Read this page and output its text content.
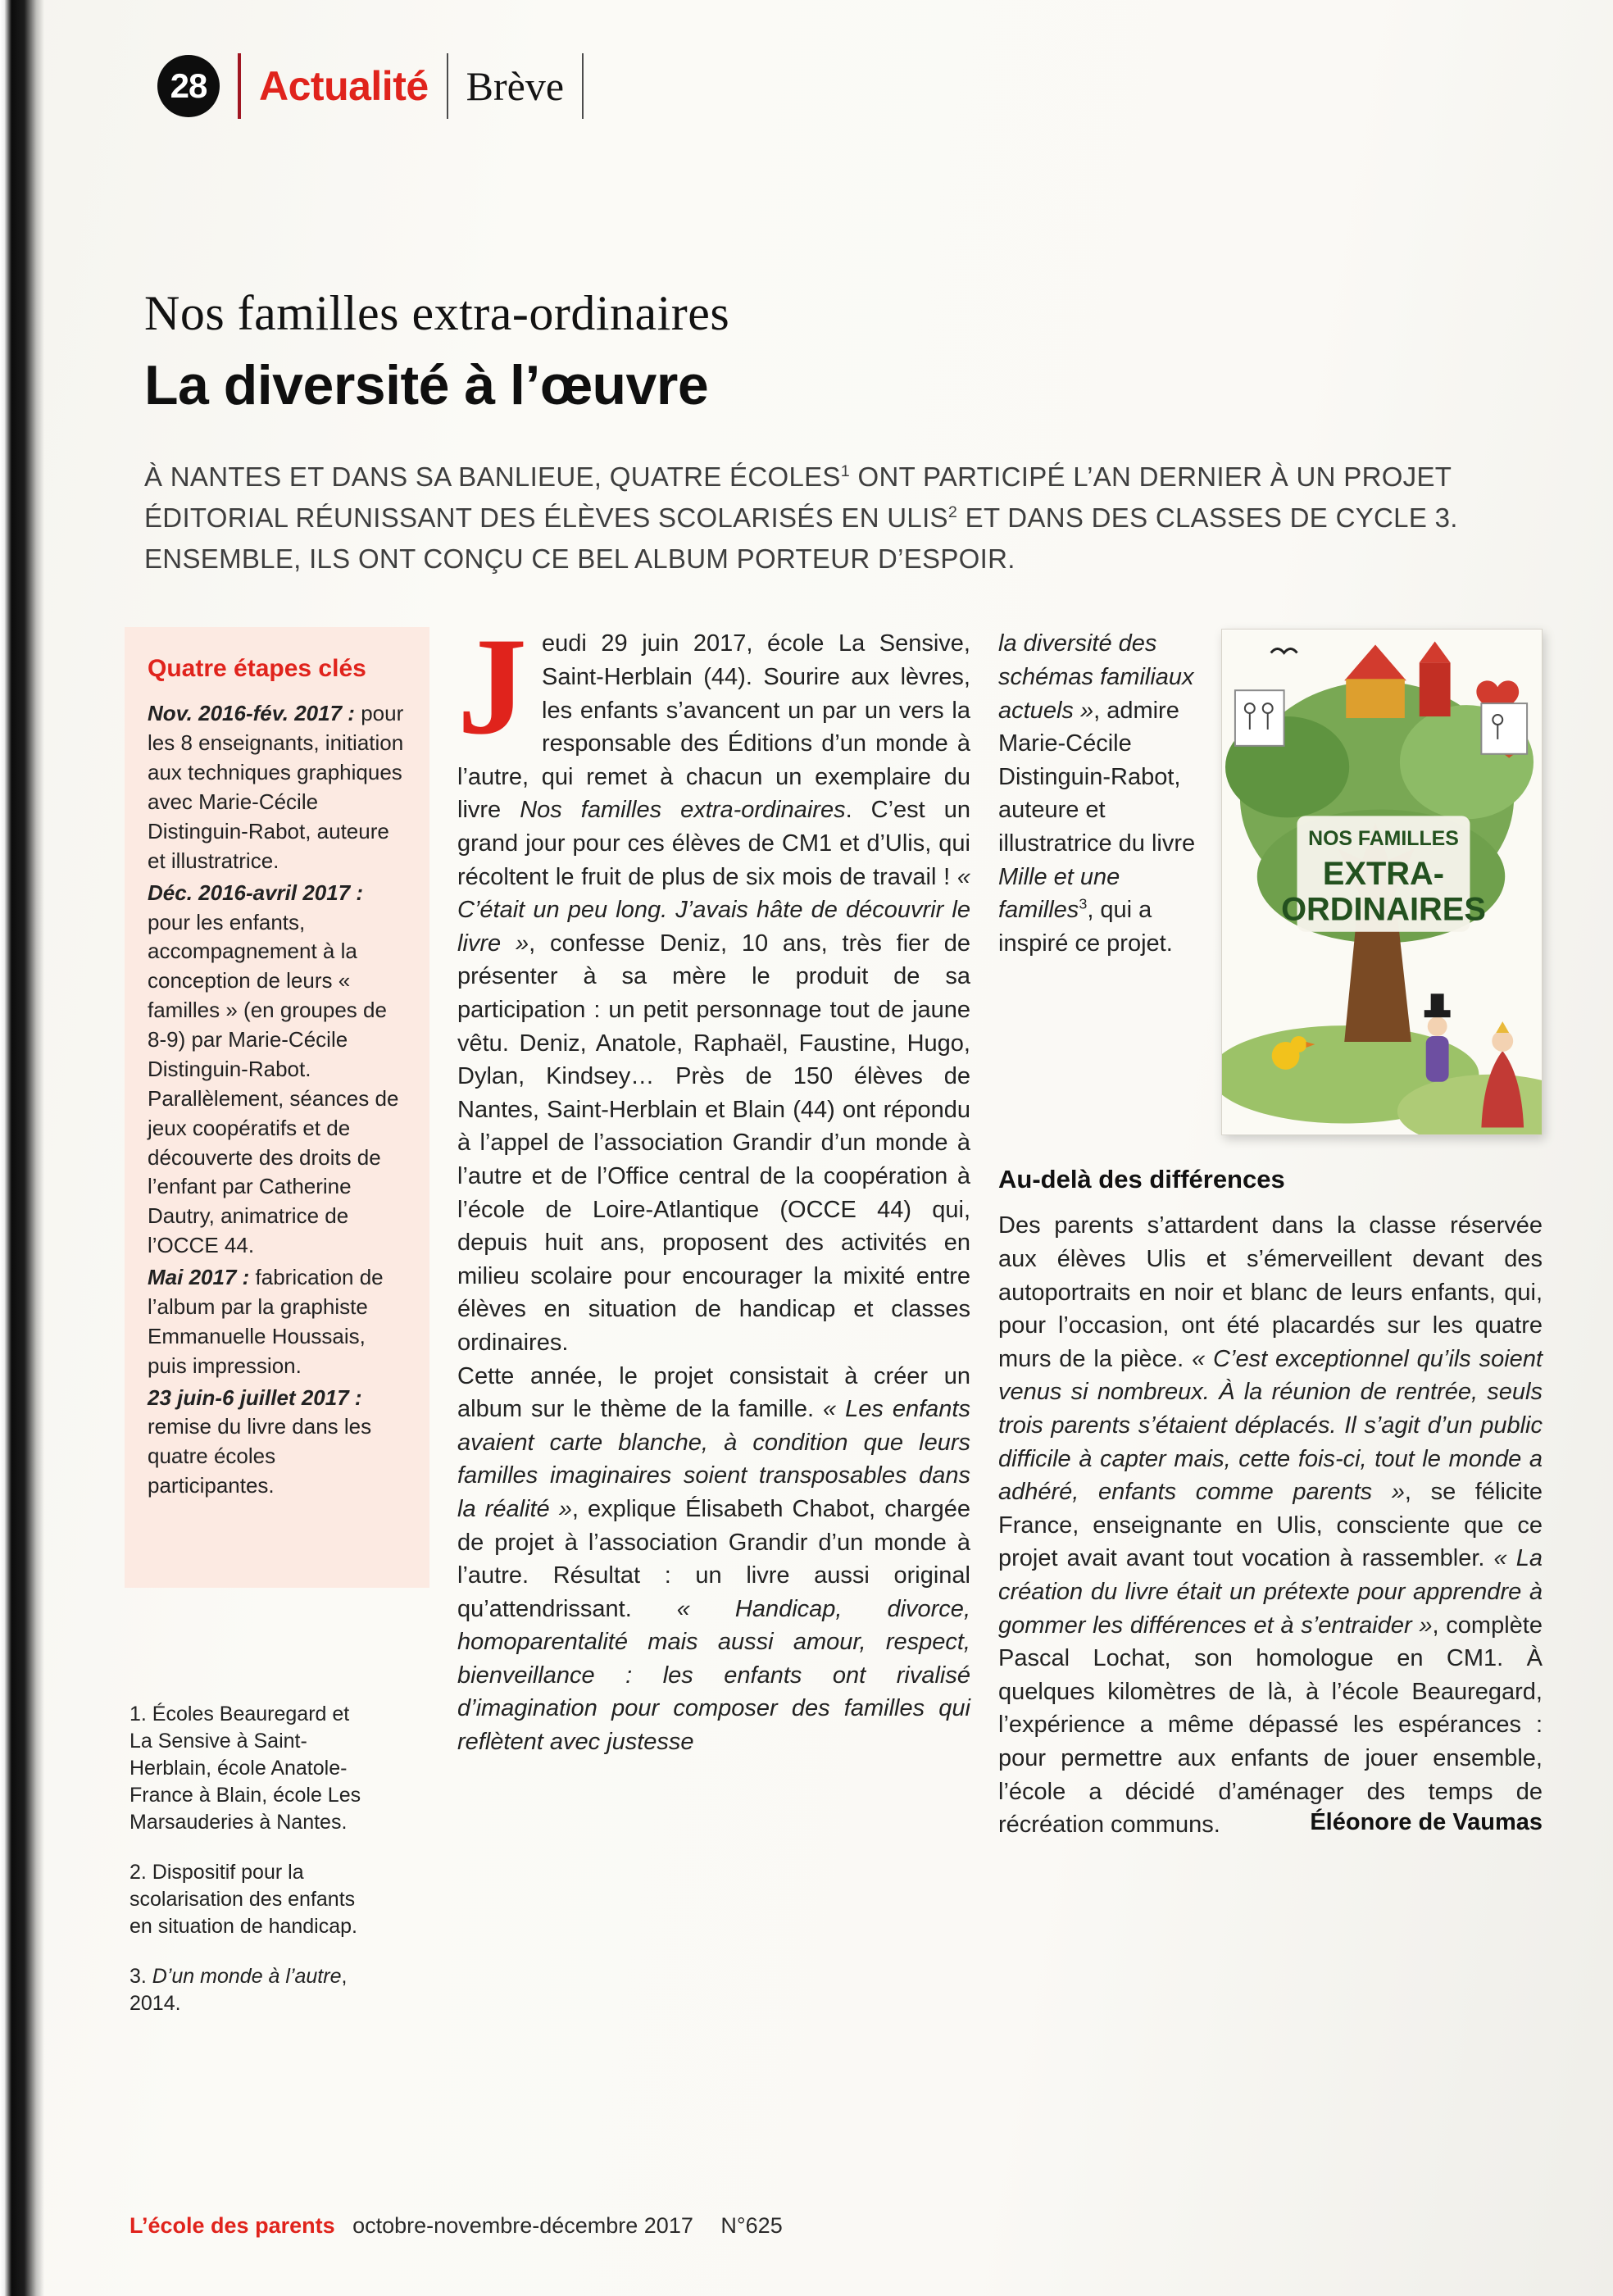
28 Actualité Brève
Nos familles extra-ordinaires
La diversité à l’œuvre

À NANTES ET DANS SA BANLIEUE, QUATRE ÉCOLES$^1$ ONT PARTICIPÉ L’AN DERNIER À UN PROJET ÉDITORIAL RÉUNISSANT DES ÉLÈVES SCOLARISÉS EN ULIS$^2$ ET DANS DES CLASSES DE CYCLE 3. ENSEMBLE, ILS ONT CONÇU CE BEL ALBUM PORTEUR D’ESPOIR.

Quatre étapes clés

Nov. 2016-fév. 2017 : pour les 8 enseignants, initiation aux techniques graphiques avec Marie-Cécile Distinguin-Rabot, auteure et illustratrice.

Déc. 2016-avril 2017 : pour les enfants, accompagnement à la conception de leurs « familles » (en groupes de 8-9) par Marie-Cécile Distinguin-Rabot. Parallèlement, séances de jeux coopératifs et de découverte des droits de l’enfant par Catherine Dautry, animatrice de l’OCCE 44.

Mai 2017 : fabrication de l’album par la graphiste Emmanuelle Houssais, puis impression.

23 juin-6 juillet 2017 : remise du livre dans les quatre écoles participantes.

1. Écoles Beauregard et La Sensive à Saint-Herblain, école Anatole-France à Blain, école Les Marsauderies à Nantes.

2. Dispositif pour la scolarisation des enfants en situation de handicap.

3. D’un monde à l’autre, 2014.

Jeudi 29 juin 2017, école La Sensive, Saint-Herblain (44). Sourire aux lèvres, les enfants s’avancent un par un vers la responsable des Éditions d’un monde à l’autre, qui remet à chacun un exemplaire du livre Nos familles extra-ordinaires. C’est un grand jour pour ces élèves de CM1 et d’Ulis, qui récoltent le fruit de plus de six mois de travail ! « C’était un peu long. J’avais hâte de découvrir le livre », confesse Deniz, 10 ans, très fier de présenter à sa mère le produit de sa participation : un petit personnage tout de jaune vêtu. Deniz, Anatole, Raphaël, Faustine, Hugo, Dylan, Kindsey… Près de 150 élèves de Nantes, Saint-Herblain et Blain (44) ont répondu à l’appel de l’association Grandir d’un monde à l’autre et de l’Office central de la coopération à l’école de Loire-Atlantique (OCCE 44) qui, depuis huit ans, proposent des activités en milieu scolaire pour encourager la mixité entre élèves en situation de handicap et classes ordinaires.

Cette année, le projet consistait à créer un album sur le thème de la famille. « Les enfants avaient carte blanche, à condition que leurs familles imaginaires soient transposables dans la réalité », explique Élisabeth Chabot, chargée de projet à l’association Grandir d’un monde à l’autre. Résultat : un livre aussi original qu’attendrissant. « Handicap, divorce, homoparentalité mais aussi amour, respect, bienveillance : les enfants ont rivalisé d’imagination pour composer des familles qui reflètent avec justesse

NOS FAMILLES
EXTRA-
ORDINAIRES

la diversité des schémas familiaux actuels », admire Marie-Cécile Distinguin-Rabot, auteure et illustratrice du livre Mille et une familles$^3$, qui a inspiré ce projet.

Au-delà des différences

Des parents s’attardent dans la classe réservée aux élèves Ulis et s’émerveillent devant des autoportraits en noir et blanc de leurs enfants, qui, pour l’occasion, ont été placardés sur les quatre murs de la pièce. « C’est exceptionnel qu’ils soient venus si nombreux. À la réunion de rentrée, seuls trois parents s’étaient déplacés. Il s’agit d’un public difficile à capter mais, cette fois-ci, tout le monde a adhéré, enfants comme parents », se félicite France, enseignante en Ulis, consciente que ce projet avait avant tout vocation à rassembler. « La création du livre était un prétexte pour apprendre à gommer les différences et à s’entraider », complète Pascal Lochat, son homologue en CM1. À quelques kilomètres de là, à l’école Beauregard, l’expérience a même dépassé les espérances : pour permettre aux enfants de jouer ensemble, l’école a décidé d’aménager des temps de récréation communs.	Éléonore de Vaumas

L’école des parents octobre-novembre-décembre 2017 N°625
